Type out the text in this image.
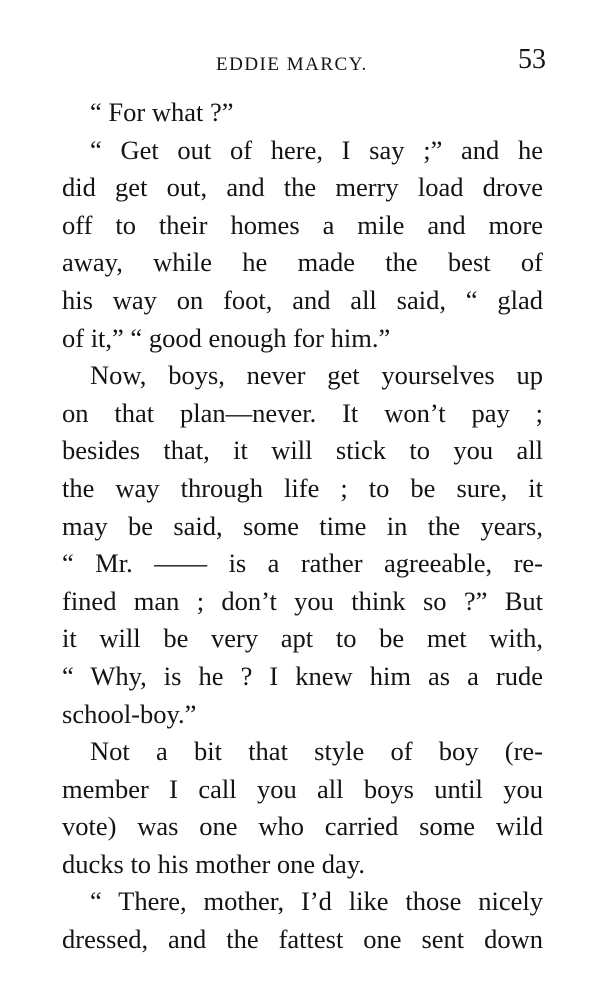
EDDIE MARCY.	53
“ For what ?”
“ Get out of here, I say ;” and he
did get out, and the merry load drove
off to their homes a mile and more
away, while he made the best of
his way on foot, and all said, “ glad
of it,” “ good enough for him.”
Now, boys, never get yourselves up
on that plan—never. It won’t pay ;
besides that, it will stick to you all
the way through life ; to be sure, it
may be said, some time in the years,
“ Mr. —— is a rather agreeable, re-
fined man ; don’t you think so ?” But
it will be very apt to be met with,
“ Why, is he ? I knew him as a rude
school-boy.”
Not a bit that style of boy (re-
member I call you all boys until you
vote) was one who carried some wild
ducks to his mother one day.
“ There, mother, I’d like those nicely
dressed, and the fattest one sent down
